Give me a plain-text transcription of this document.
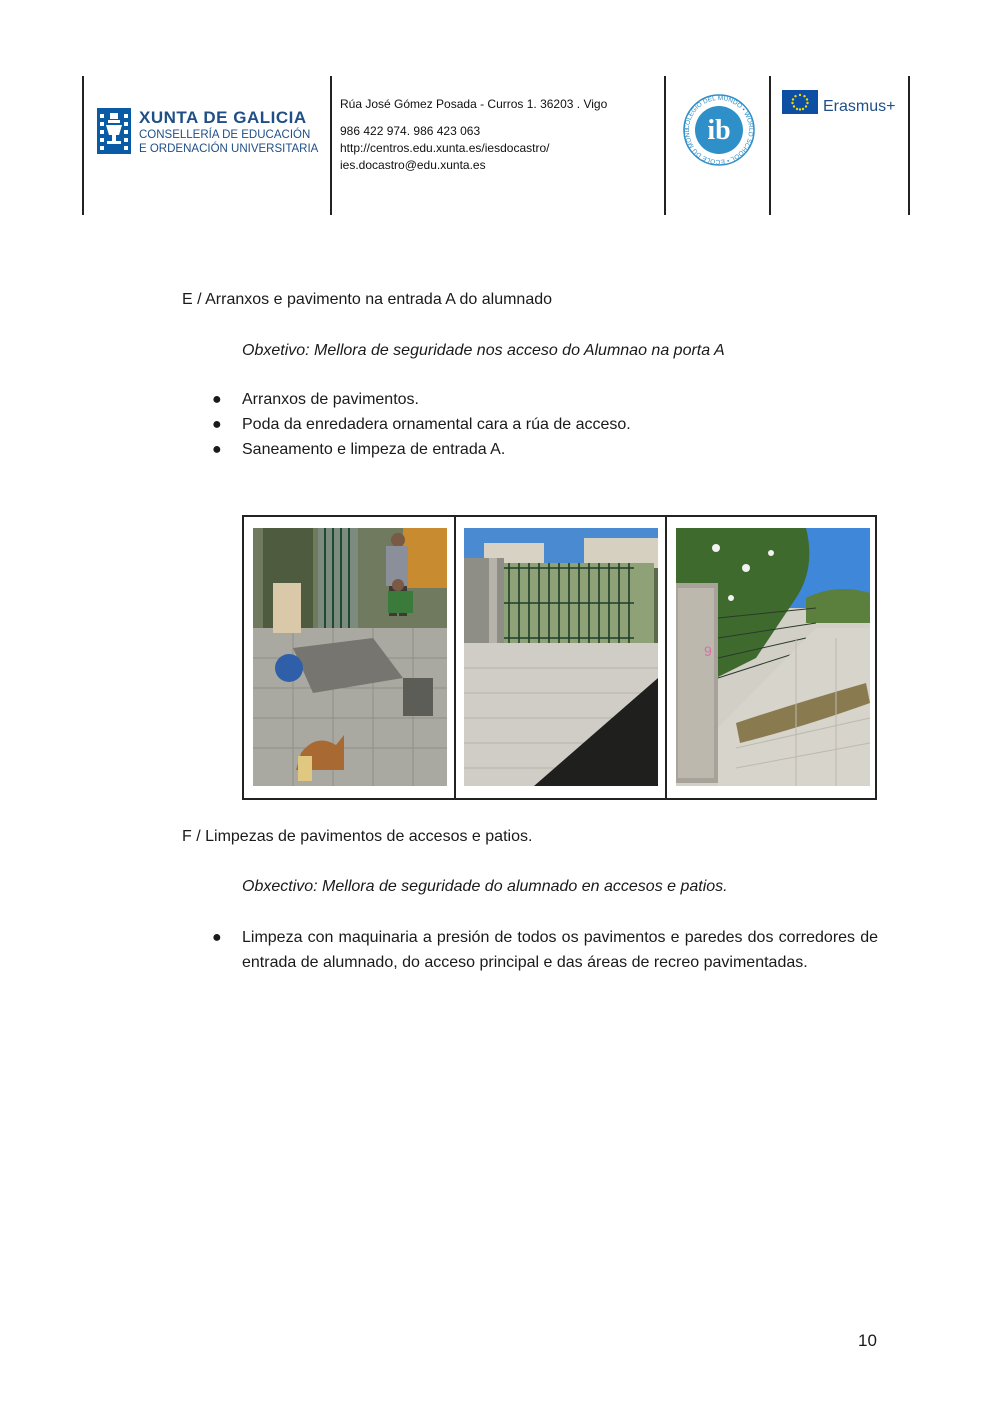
XUNTA DE GALICIA
CONSELLERÍA DE EDUCACIÓN
E ORDENACIÓN UNIVERSITARIA
Rúa José Gómez Posada - Curros 1. 36203 . Vigo
986 422 974. 986 423 063
http://centros.edu.xunta.es/iesdocastro/
ies.docastro@edu.xunta.es
COLEGIO DEL MUNDO • WORLD SCHOOL • ÉCOLE DU MOND ib
Erasmus+
E / Arranxos e pavimento na entrada A do alumnado
Obxetivo: Mellora de seguridade nos acceso do Alumnao na porta A
● Arranxos de pavimentos.
● Poda da enredadera ornamental cara a rúa de acceso.
● Saneamento e limpeza de entrada A.
9
F / Limpezas de pavimentos de accesos e patios.
Obxectivo: Mellora de seguridade do alumnado en accesos e patios.
● Limpeza con maquinaria a presión de todos os pavimentos e paredes dos corredores de entrada de alumnado, do acceso principal e das áreas de recreo pavimentadas.
10
